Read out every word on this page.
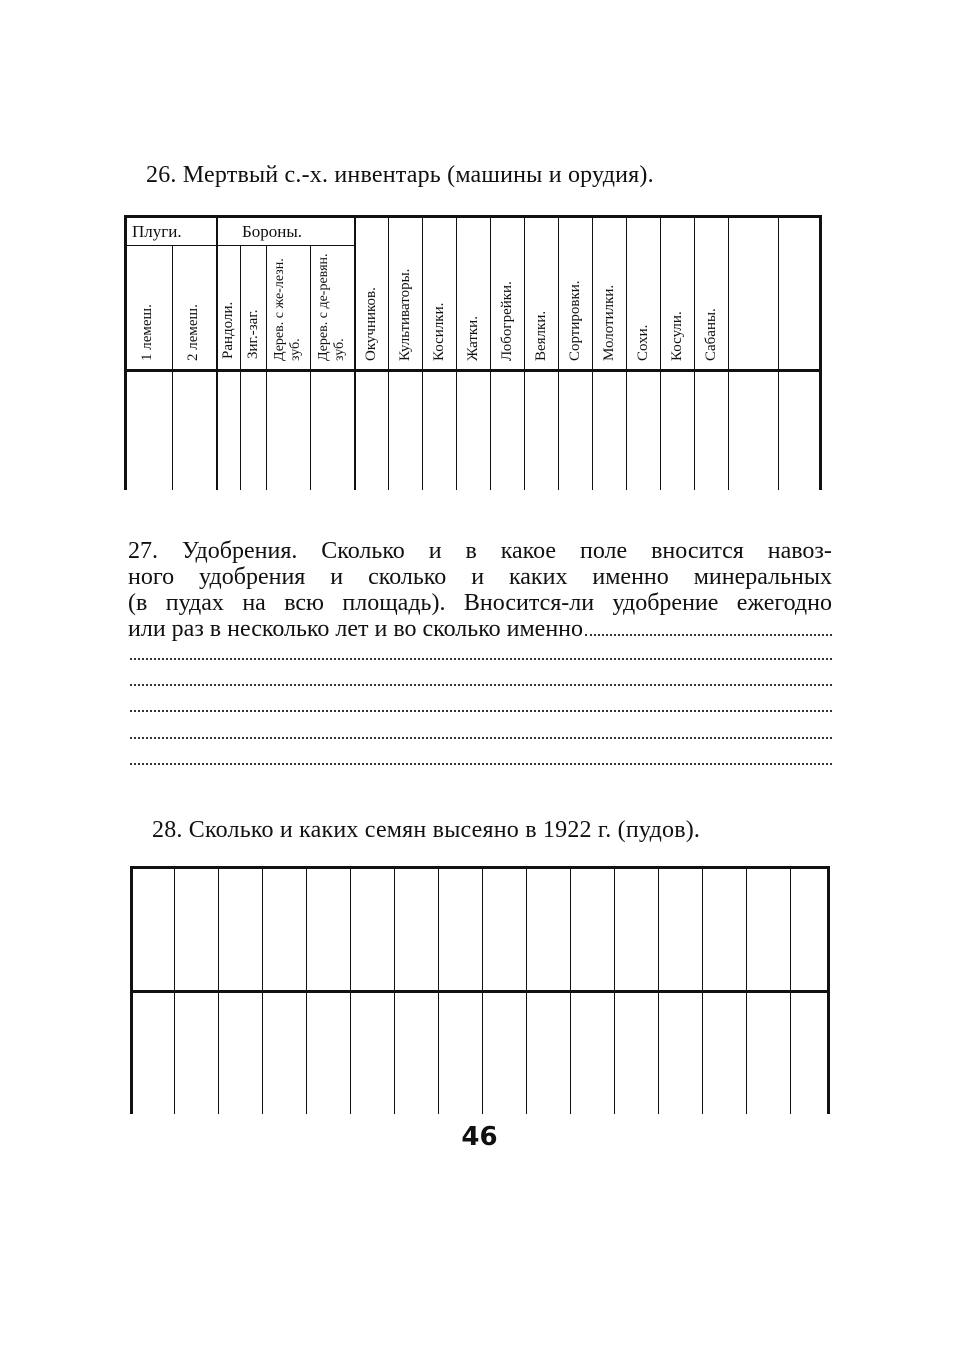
26. Мертвый с.-х. инвентарь (машины и орудия).
Плуги.	Бороны.
1 лемеш. 2 лемеш. Рандоли. Зиг.-заг. Дерев. с же-лезн. зуб. Дерев. с де-ревян. зуб. Окучников. Культиваторы. Косилки. Жатки. Лобогрейки. Веялки. Сортировки. Молотилки. Сохи. Косули. Сабаны.
27. Удобрения. Сколько и в какое поле вносится навоз-
ного удобрения и сколько и каких именно минеральных
(в пудах на всю площадь). Вносится-ли удобрение ежегодно
или раз в несколько лет и во сколько именно
28. Сколько и каких семян высеяно в 1922 г. (пудов).
46
